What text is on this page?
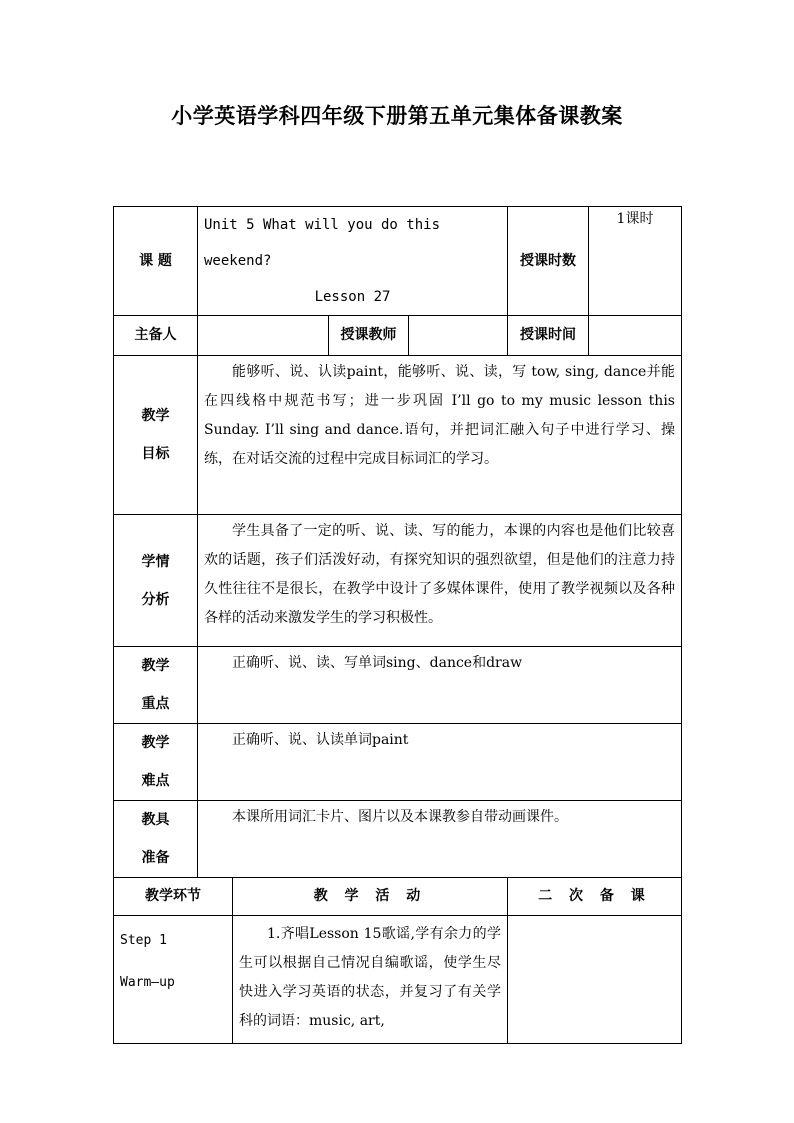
小学英语学科四年级下册第五单元集体备课教案
课 题	Unit 5 What will you do this weekend?
Lesson 27				授课时数	1课时
主备人			授课教师		授课时间	

教学
目标	能够听、说、认读paint，能够听、说、读，写 tow, sing, dance并能在四线格中规范书写；进一步巩固 I’ll go to my music lesson this Sunday. I’ll sing and dance.语句，并把词汇融入句子中进行学习、操练，在对话交流的过程中完成目标词汇的学习。					

学情
分析	学生具备了一定的听、说、读、写的能力，本课的内容也是他们比较喜欢的话题，孩子们活泼好动，有探究知识的强烈欲望，但是他们的注意力持久性往往不是很长，在教学中设计了多媒体课件，使用了教学视频以及各种各样的活动来激发学生的学习积极性。					

教学
重点	正确听、说、读、写单词sing、dance和draw					

教学
难点	正确听、说、认读单词paint					

教具
准备	本课所用词汇卡片、图片以及本课教参自带动画课件。					

教学环节		教 学 活 动			二 次 备 课	

Step 1
Warm—up		1.齐唱Lesson 15歌谣,学有余力的学生可以根据自己情况自编歌谣，使学生尽快进入学习英语的状态，并复习了有关学科的词语：music, art,				
